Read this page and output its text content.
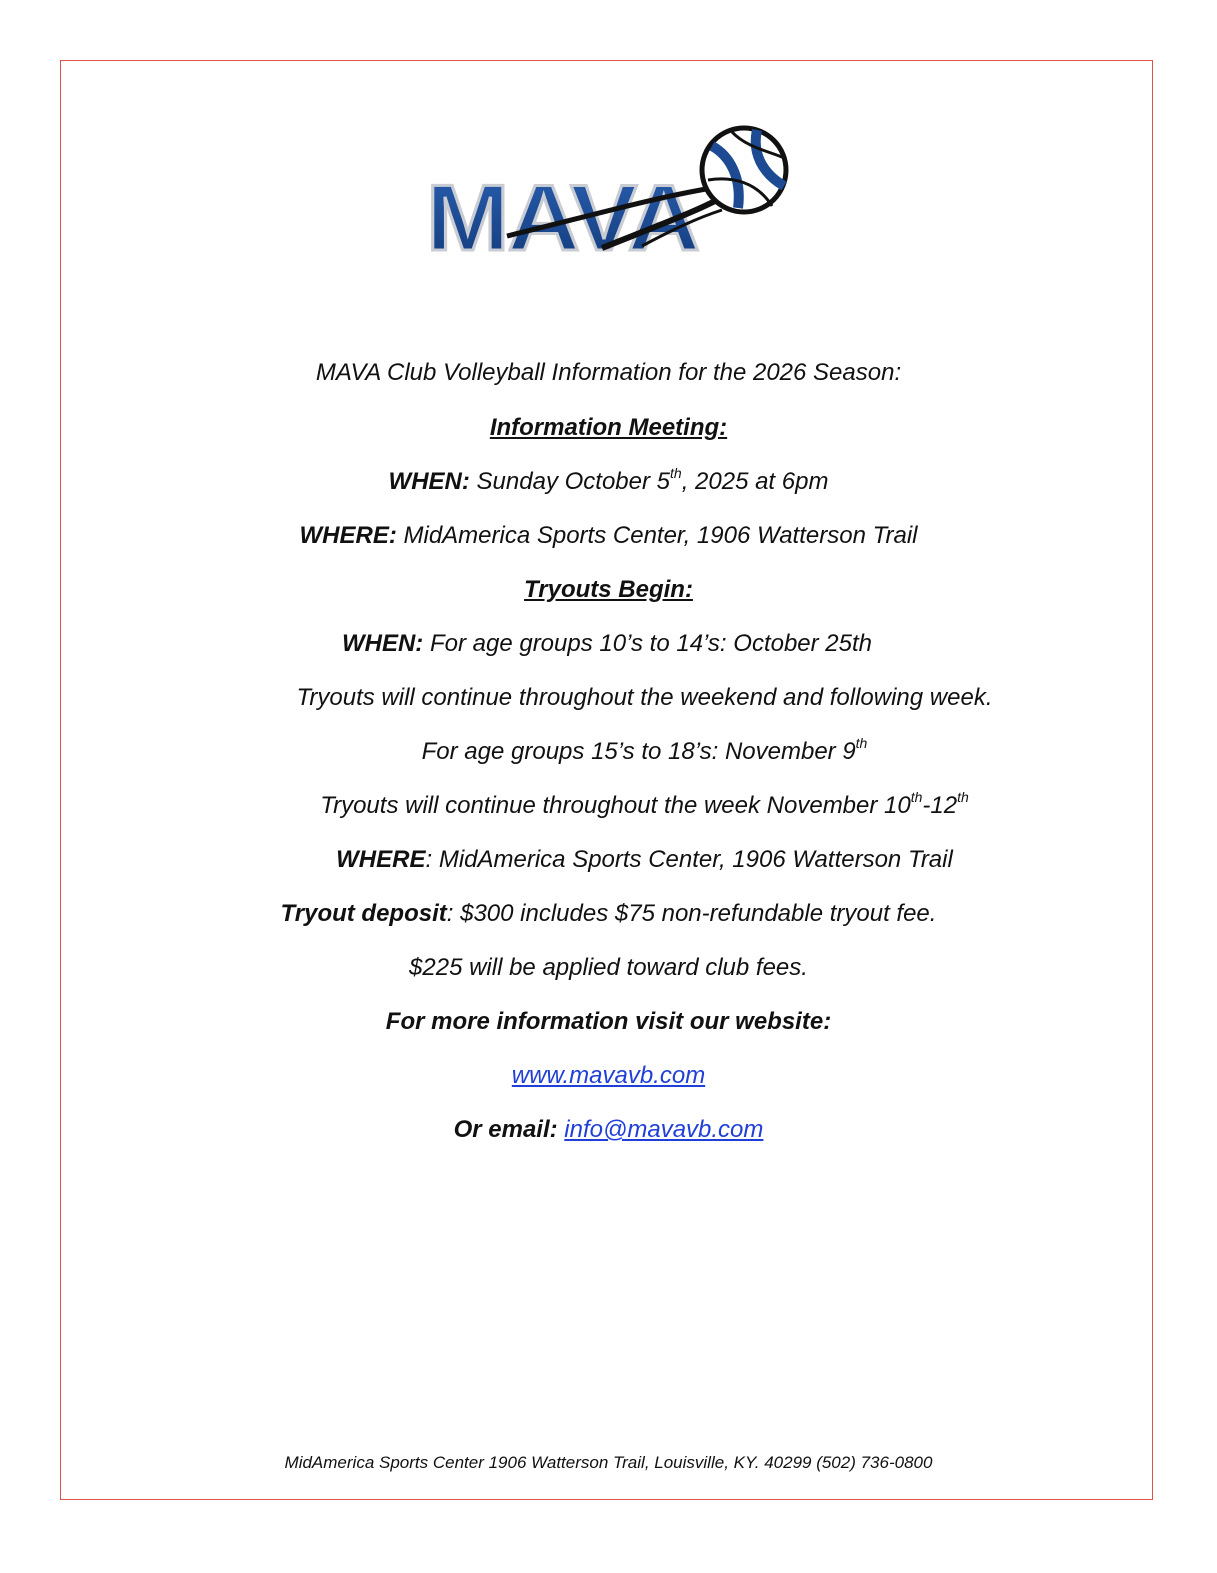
MAVA
MAVA Club Volleyball Information for the 2026 Season:
Information Meeting:
WHEN: Sunday October 5th, 2025 at 6pm
WHERE: MidAmerica Sports Center, 1906 Watterson Trail
Tryouts Begin:
WHEN: For age groups 10’s to 14’s: October 25th
Tryouts will continue throughout the weekend and following week.
For age groups 15’s to 18’s: November 9th
Tryouts will continue throughout the week November 10th-12th
WHERE: MidAmerica Sports Center, 1906 Watterson Trail
Tryout deposit: $300 includes $75 non-refundable tryout fee.
$225 will be applied toward club fees.
For more information visit our website:
www.mavavb.com
Or email: info@mavavb.com
MidAmerica Sports Center 1906 Watterson Trail, Louisville, KY. 40299 (502) 736-0800
